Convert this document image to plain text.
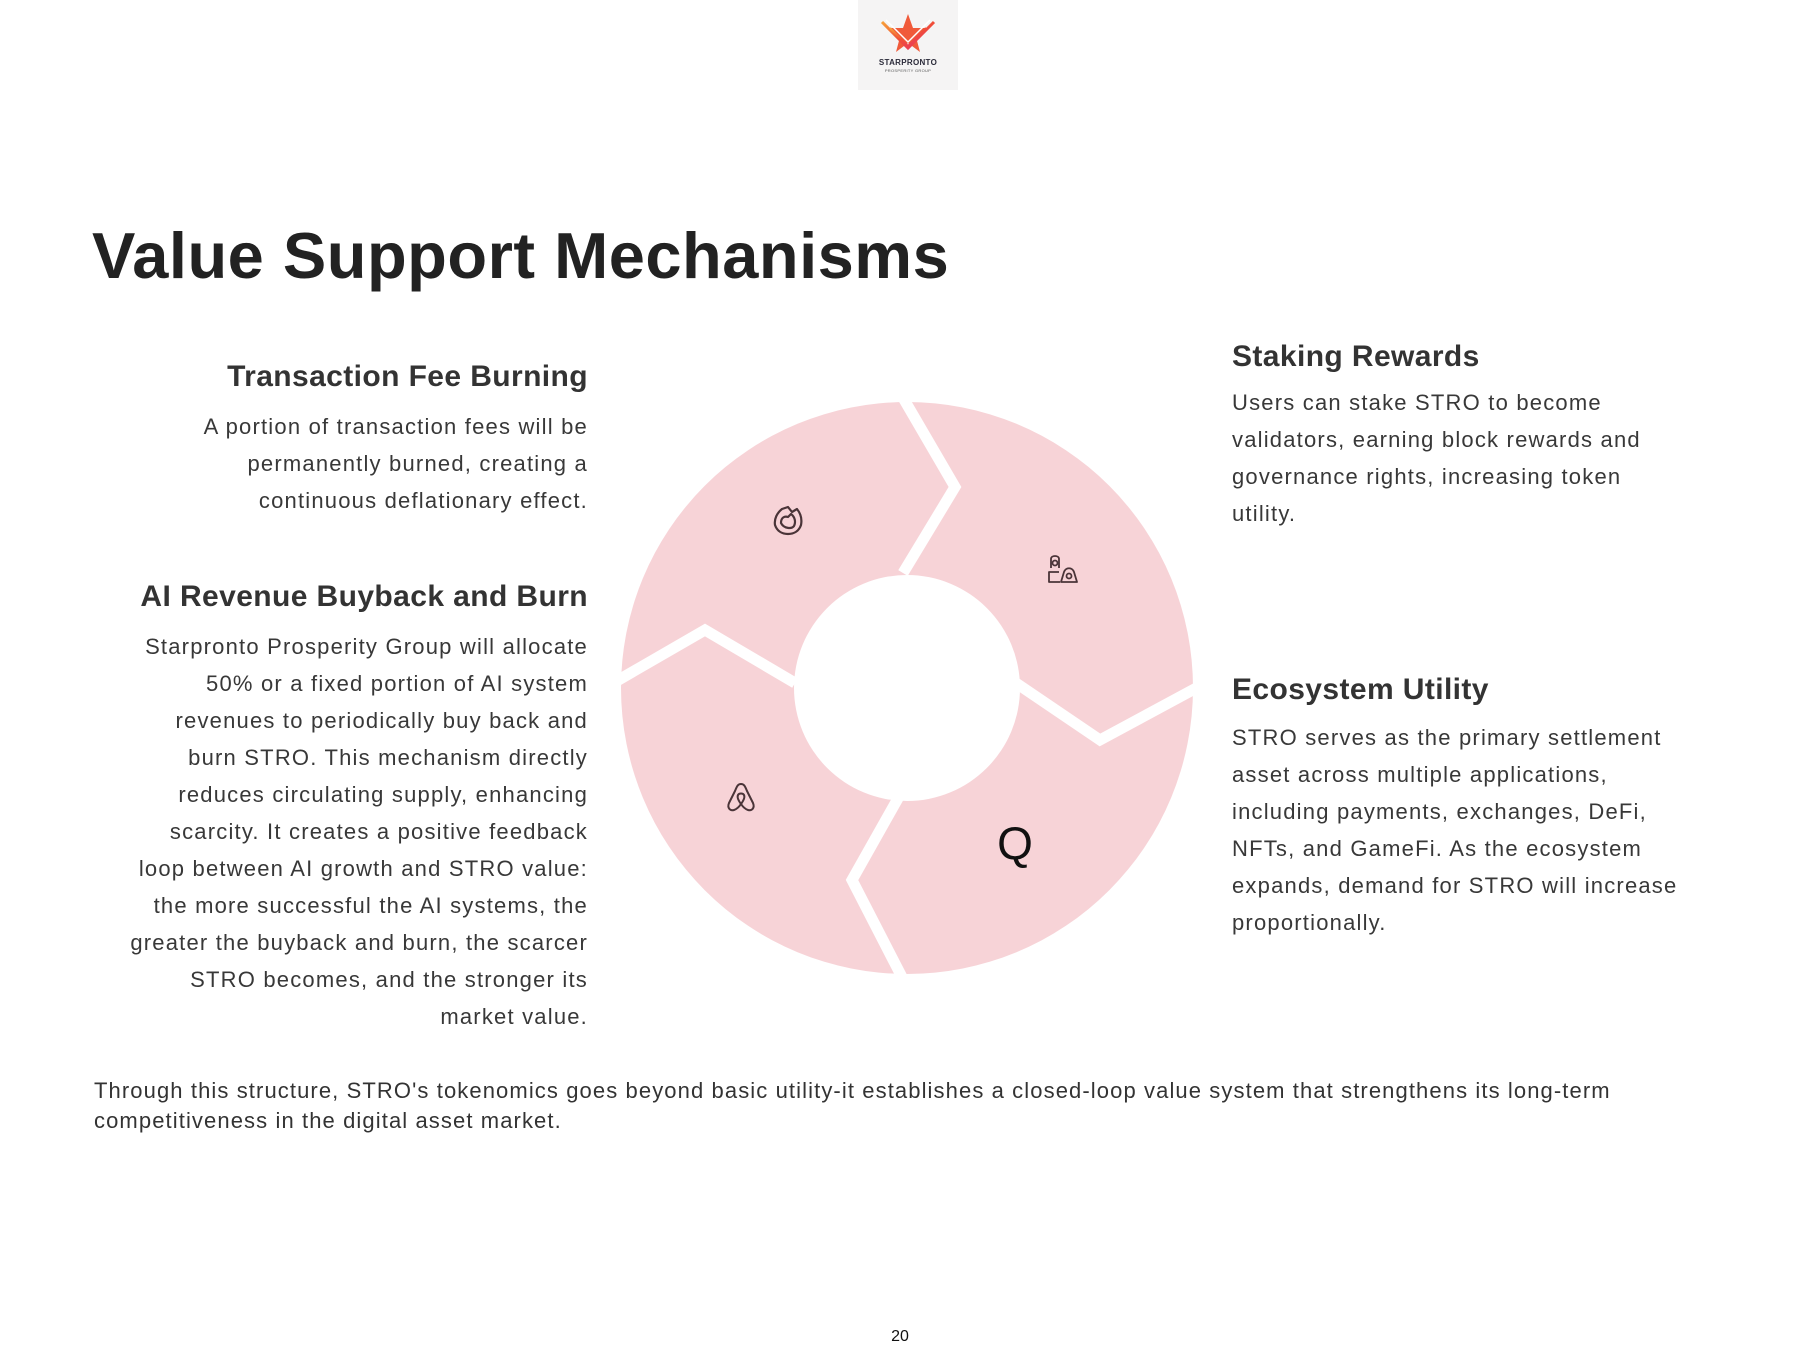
STARPRONTO
PROSPERITY GROUP
Value Support Mechanisms
Transaction Fee Burning

A portion of transaction fees will be
permanently burned, creating a
continuous deflationary effect.

AI Revenue Buyback and Burn

Starpronto Prosperity Group will allocate
50% or a fixed portion of AI system
revenues to periodically buy back and
burn STRO. This mechanism directly
reduces circulating supply, enhancing
scarcity. It creates a positive feedback
loop between AI growth and STRO value:
the more successful the AI systems, the
greater the buyback and burn, the scarcer
STRO becomes, and the stronger its
market value.

Staking Rewards

Users can stake STRO to become
validators, earning block rewards and
governance rights, increasing token
utility.

Ecosystem Utility

STRO serves as the primary settlement
asset across multiple applications,
including payments, exchanges, DeFi,
NFTs, and GameFi. As the ecosystem
expands, demand for STRO will increase
proportionally.

Q

Through this structure, STRO's tokenomics goes beyond basic utility-it establishes a closed-loop value system that strengthens its long-term competitiveness in the digital asset market.

20
